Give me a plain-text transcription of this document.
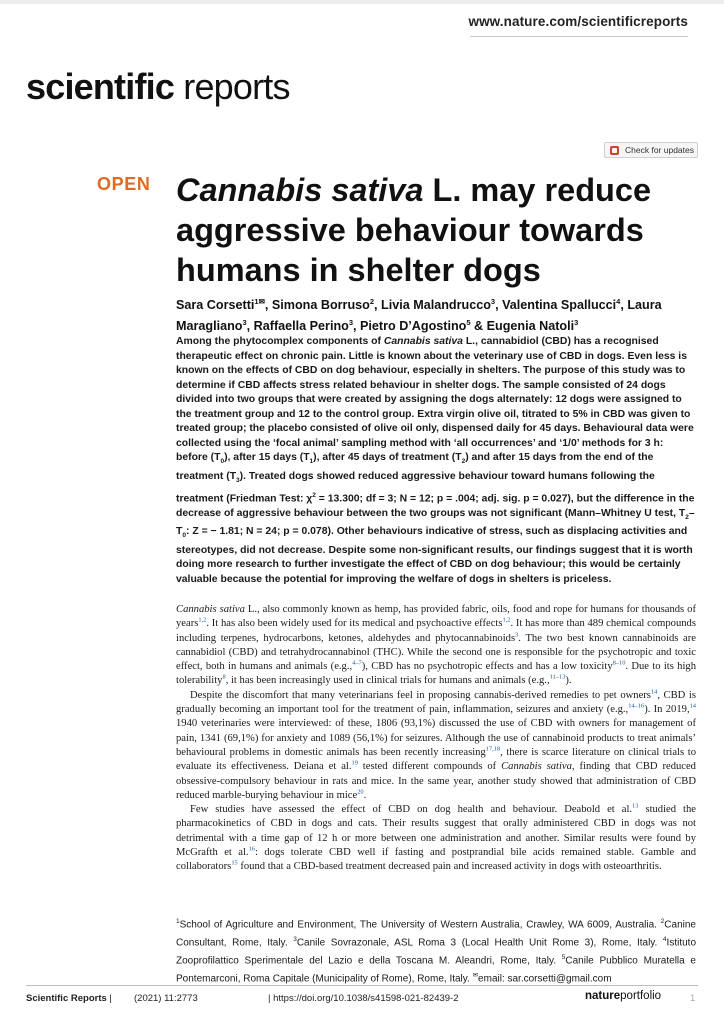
www.nature.com/scientificreports
scientific reports
Check for updates
OPEN Cannabis sativa L. may reduce aggressive behaviour towards humans in shelter dogs
Sara Corsetti$^{1✉}$, Simona Borruso$^2$, Livia Malandrucco$^3$, Valentina Spallucci$^4$, Laura Maragliano$^3$, Raffaella Perino$^3$, Pietro D’Agostino$^5$ & Eugenia Natoli$^3$

Among the phytocomplex components of Cannabis sativa L., cannabidiol (CBD) has a recognised therapeutic effect on chronic pain. Little is known about the veterinary use of CBD in dogs. Even less is known on the effects of CBD on dog behaviour, especially in shelters. The purpose of this study was to determine if CBD affects stress related behaviour in shelter dogs. The sample consisted of 24 dogs divided into two groups that were created by assigning the dogs alternately: 12 dogs were assigned to the treatment group and 12 to the control group. Extra virgin olive oil, titrated to 5% in CBD was given to treated group; the placebo consisted of olive oil only, dispensed daily for 45 days. Behavioural data were collected using the ‘focal animal’ sampling method with ‘all occurrences’ and ‘1/0’ methods for 3 h: before $(T_0)$, after 15 days $(T_1)$, after 45 days of treatment $(T_2)$ and after 15 days from the end of the treatment $(T_3)$. Treated dogs showed reduced aggressive behaviour toward humans following the treatment (Friedman Test: $\chi^2 = 13.300$; df = 3; N = 12; p = .004; adj. sig. p = 0.027), but the difference in the decrease of aggressive behaviour between the two groups was not significant (Mann–Whitney U test, $T_2-T_0$: Z = − 1.81; N = 24; p = 0.078). Other behaviours indicative of stress, such as displacing activities and stereotypes, did not decrease. Despite some non-significant results, our findings suggest that it is worth doing more research to further investigate the effect of CBD on dog behaviour; this would be certainly valuable because the potential for improving the welfare of dogs in shelters is priceless.

Cannabis sativa L., also commonly known as hemp, has provided fabric, oils, food and rope for humans for thousands of years$^{1,2}$. It has also been widely used for its medical and psychoactive effects$^{1,2}$. It has more than 489 chemical compounds including terpenes, hydrocarbons, ketones, aldehydes and phytocannabinoids$^3$. The two best known cannabinoids are cannabidiol (CBD) and tetrahydrocannabinol (THC). While the second one is responsible for the psychotropic and toxic effect, both in humans and animals (e.g.,$^{4-7}$), CBD has no psychotropic effects and has a low toxicity$^{8-10}$. Due to its high tolerability$^8$, it has been increasingly used in clinical trials for humans and animals (e.g.,$^{11-13}$).

Despite the discomfort that many veterinarians feel in proposing cannabis-derived remedies to pet owners$^{14}$, CBD is gradually becoming an important tool for the treatment of pain, inflammation, seizures and anxiety (e.g.,$^{14-16}$). In 2019,14 1940 veterinaries were interviewed: of these, 1806 (93,1%) discussed the use of CBD with owners for management of pain, 1341 (69,1%) for anxiety and 1089 (56,1%) for seizures. Although the use of cannabinoid products to treat animals’ behavioural problems in domestic animals has been recently increasing$^{17,18}$, there is scarce literature on clinical trials to evaluate its effectiveness. Deiana et al.$^{19}$ tested different compounds of Cannabis sativa, finding that CBD reduced obsessive-compulsory behaviour in rats and mice. In the same year, another study showed that administration of CBD reduced marble-burying behaviour in mice$^{20}$.

Few studies have assessed the effect of CBD on dog health and behaviour. Deabold et al.$^{13}$ studied the pharmacokinetics of CBD in dogs and cats. Their results suggest that orally administered CBD in dogs was not detrimental with a time gap of 12 h or more between one administration and another. Similar results were found by McGrafth et al.$^{16}$: dogs tolerate CBD well if fasting and postprandial bile acids remained stable. Gamble and collaborators$^{15}$ found that a CBD-based treatment decreased pain and increased activity in dogs with osteoarthritis.

$^1$School of Agriculture and Environment, The University of Western Australia, Crawley, WA 6009, Australia. $^2$Canine Consultant, Rome, Italy. $^3$Canile Sovrazonale, ASL Roma 3 (Local Health Unit Rome 3), Rome, Italy. $^4$Istituto Zooprofilattico Sperimentale del Lazio e della Toscana M. Aleandri, Rome, Italy. $^5$Canile Pubblico Muratella e Pontemarconi, Roma Capitale (Municipality of Rome), Rome, Italy. ✉email: sar.corsetti@gmail.com
Scientific Reports | (2021) 11:2773	| https://doi.org/10.1038/s41598-021-82439-2	natureportfolio	1
